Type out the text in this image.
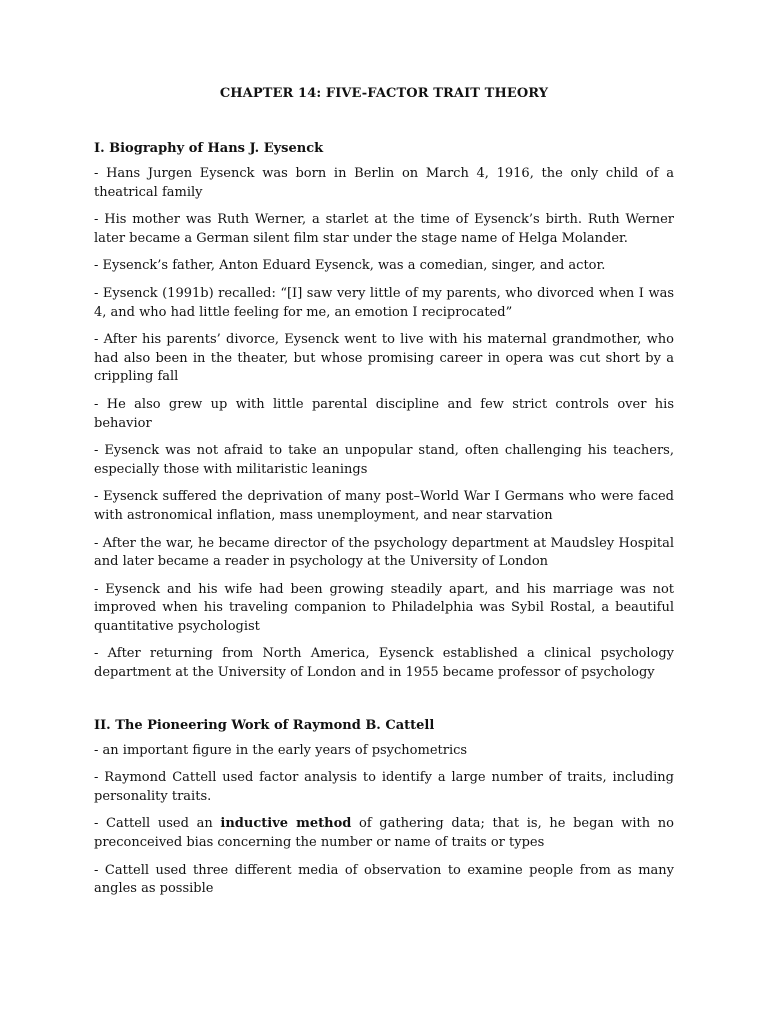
CHAPTER 14: FIVE-FACTOR TRAIT THEORY
I. Biography of Hans J. Eysenck

- Hans Jurgen Eysenck was born in Berlin on March 4, 1916, the only child of a theatrical family

- His mother was Ruth Werner, a starlet at the time of Eysenck’s birth. Ruth Werner later became a German silent film star under the stage name of Helga Molander.

- Eysenck’s father, Anton Eduard Eysenck, was a comedian, singer, and actor.

- Eysenck (1991b) recalled: “[I] saw very little of my parents, who divorced when I was 4, and who had little feeling for me, an emotion I reciprocated”

- After his parents’ divorce, Eysenck went to live with his maternal grandmother, who had also been in the theater, but whose promising career in opera was cut short by a crippling fall

- He also grew up with little parental discipline and few strict controls over his behavior

- Eysenck was not afraid to take an unpopular stand, often challenging his teachers, especially those with militaristic leanings

- Eysenck suffered the deprivation of many post–World War I Germans who were faced with astronomical inflation, mass unemployment, and near starvation

- After the war, he became director of the psychology department at Maudsley Hospital and later became a reader in psychology at the University of London

- Eysenck and his wife had been growing steadily apart, and his marriage was not improved when his traveling companion to Philadelphia was Sybil Rostal, a beautiful quantitative psychologist

- After returning from North America, Eysenck established a clinical psychology department at the University of London and in 1955 became professor of psychology

II. The Pioneering Work of Raymond B. Cattell

- an important figure in the early years of psychometrics

- Raymond Cattell used factor analysis to identify a large number of traits, including personality traits.

- Cattell used an inductive method of gathering data; that is, he began with no preconceived bias concerning the number or name of traits or types

- Cattell used three different media of observation to examine people from as many angles as possible
